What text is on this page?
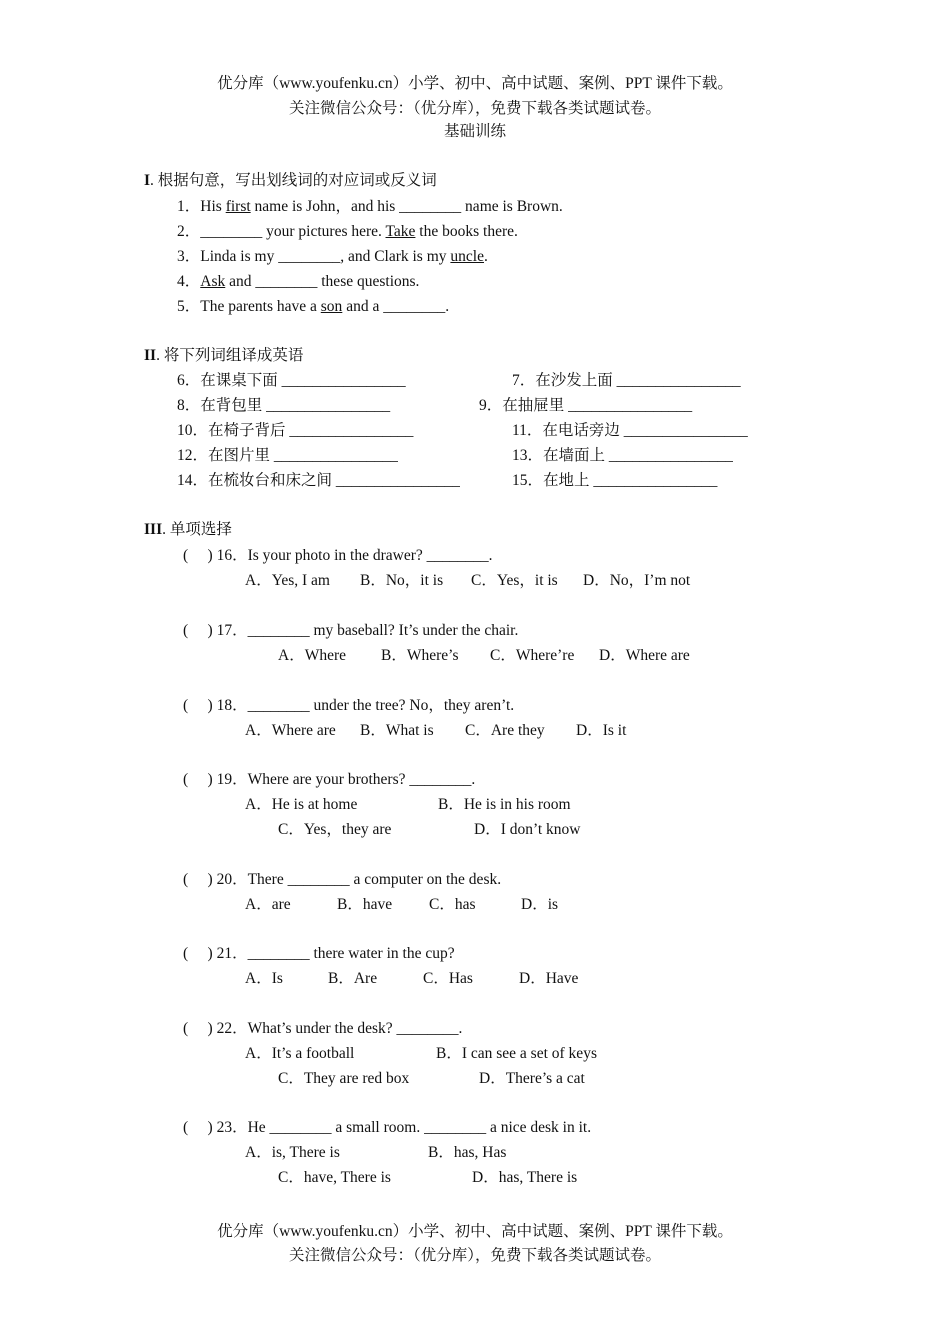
优分库（www.youfenku.cn）小学、初中、高中试题、案例、PPT 课件下载。
关注微信公众号：（优分库），免费下载各类试题试卷。
基础训练
I. 根据句意，写出划线词的对应词或反义词
1．His first name is John，and his ________ name is Brown.
2．________ your pictures here. Take the books there.
3．Linda is my ________, and Clark is my uncle.
4．Ask and ________ these questions.
5．The parents have a son and a ________.
II. 将下列词组译成英语
6．在课桌下面 ________________	7．在沙发上面 ________________
8．在背包里 ________________	9．在抽屉里 ________________
10．在椅子背后 ________________	11．在电话旁边 ________________
12．在图片里 ________________	13．在墙面上 ________________
14．在梳妆台和床之间 ________________	15．在地上 ________________
III. 单项选择
(　 ) 16．Is your photo in the drawer? ________.
A．Yes, I am B．No，it is C．Yes，it is D．No，I’m not
(　 ) 17．________ my baseball? It’s under the chair.
A．Where B．Where’s C．Where’re D．Where are
(　 ) 18．________ under the tree? No，they aren’t.
A．Where are B．What is C．Are they D．Is it
(　 ) 19．Where are your brothers? ________.
A．He is at home	B．He is in his room
C．Yes，they are	D．I don’t know
(　 ) 20．There ________ a computer on the desk.
A．are	B．have C．has	D．is
(　 ) 21．________ there water in the cup?
A．Is	B．Are	C．Has	D．Have
(　 ) 22．What’s under the desk? ________.
A．It’s a football	B．I can see a set of keys
C．They are red box	D．There’s a cat
(　 ) 23．He ________ a small room. ________ a nice desk in it.
A．is, There is	B．has, Has
C．have, There is	D．has, There is
优分库（www.youfenku.cn）小学、初中、高中试题、案例、PPT 课件下载。
关注微信公众号：（优分库），免费下载各类试题试卷。
